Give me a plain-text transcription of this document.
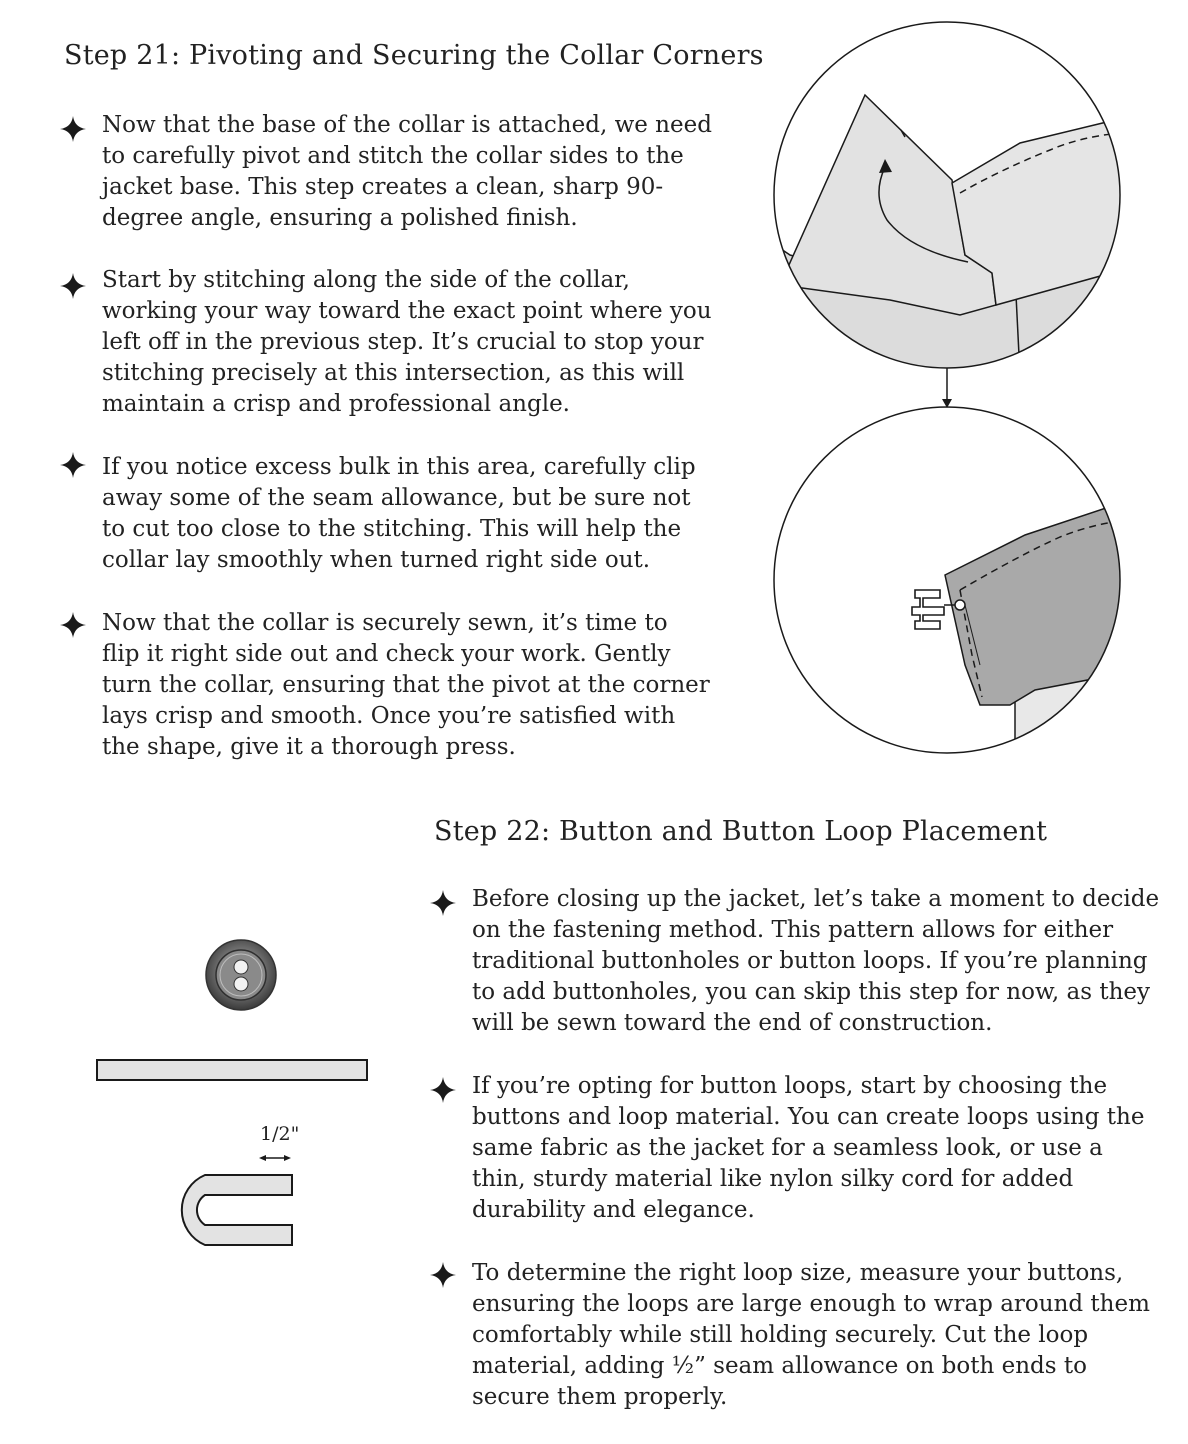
Step 21: Pivoting and Securing the Collar Corners

Now that the base of the collar is attached, we need to carefully pivot and stitch the collar sides to the jacket base. This step creates a clean, sharp 90-degree angle, ensuring a polished finish.

Start by stitching along the side of the collar, working your way toward the exact point where you left off in the previous step. It’s crucial to stop your stitching precisely at this intersection, as this will maintain a crisp and professional angle.

If you notice excess bulk in this area, carefully clip away some of the seam allowance, but be sure not to cut too close to the stitching. This will help the collar lay smoothly when turned right side out.

Now that the collar is securely sewn, it’s time to flip it right side out and check your work. Gently turn the collar, ensuring that the pivot at the corner lays crisp and smooth. Once you’re satisfied with the shape, give it a thorough press.

Step 22: Button and Button Loop Placement

Before closing up the jacket, let’s take a moment to decide on the fastening method. This pattern allows for either traditional buttonholes or button loops. If you’re planning to add buttonholes, you can skip this step for now, as they will be sewn toward the end of construction.

If you’re opting for button loops, start by choosing the buttons and loop material. You can create loops using the same fabric as the jacket for a seamless look, or use a thin, sturdy material like nylon silky cord for added durability and elegance.

To determine the right loop size, measure your buttons, ensuring the loops are large enough to wrap around them comfortably while still holding securely. Cut the loop material, adding ½” seam allowance on both ends to secure them properly.

1/2"
